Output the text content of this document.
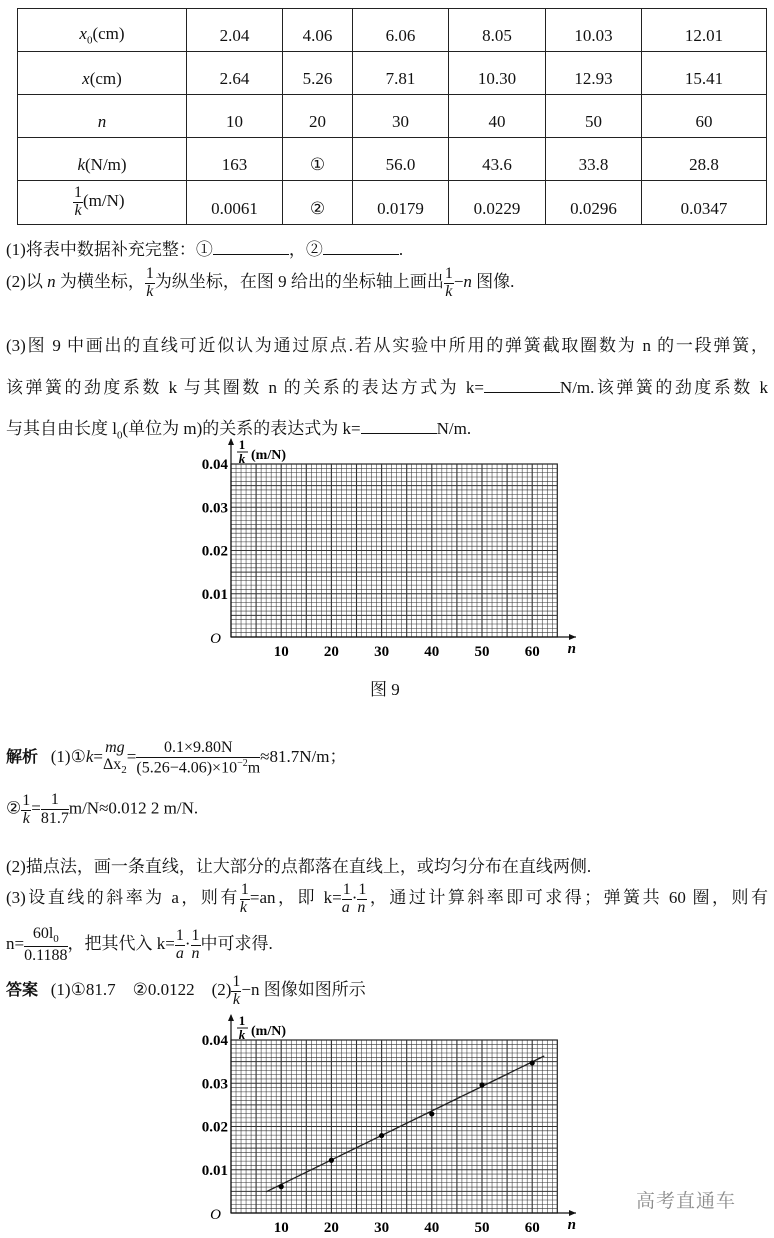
$x_0(cm)$	2.04	4.06	6.06	8.05	10.03	12.01
x(cm)	2.64	5.26	7.81	10.30	12.93	15.41
n	10	20	30	40	50	60
k(N/m)	163	①	56.0	43.6	33.8	28.8

$\frac{1}{k} (m/N)$	0.0061	②	0.0179	0.0229	0.0296	0.0347
(1)将表中数据补充完整：①	，②	.
(2)以 n 为横坐标， $\frac{1}{k}$ 为纵坐标，在图 9 给出的坐标轴上画出 $\frac{1}{k} -n$ 图像.
(3)图 9 中画出的直线可近似认为通过原点.若从实验中所用的弹簧截取圈数为 n 的一段弹簧，
该弹簧的劲度系数 k 与其圈数 n 的关系的表达方式为 k=	N/m.该弹簧的劲度系数 k
与其自由长度 $l_0$(单位为 m)的关系的表达式为 k=	N/m.
10 20 30 40 50 60
0.01
0.02
0.03
0.04
O
n
1
k (m/N)
图 9
解析 (1)①k= mg
$\Delta x_2$
= $\frac{0.1\times 9.80N}{(5.26-4.06)\times 10^{-2}m} \approx 81.7N/m$；
② $\frac{1}{k} = \frac{1}{81.7} m/N\approx 0.012$ 2 m/N.
(2)描点法，画一条直线，让大部分的点都落在直线上，或均匀分布在直线两侧.
(3)设直线的斜率为 a，则有 $\frac{1}{k} =an$，即 $k= \frac{1}{a} \cdot \frac{1}{n}$ ，通过计算斜率即可求得；弹簧共 60 圈，则有
$n= \frac{60l_0}{0.1188}$ ，把其代入 $k= \frac{1}{a} \cdot \frac{1}{n}$ 中可求得.
答案 (1)①81.7　②0.0122　$(2) \frac{1}{k} -n$ 图像如图所示
10 20 30 40 50 60
0.01
0.02
0.03
0.04
O
n
1
k (m/N)
高考直通车
